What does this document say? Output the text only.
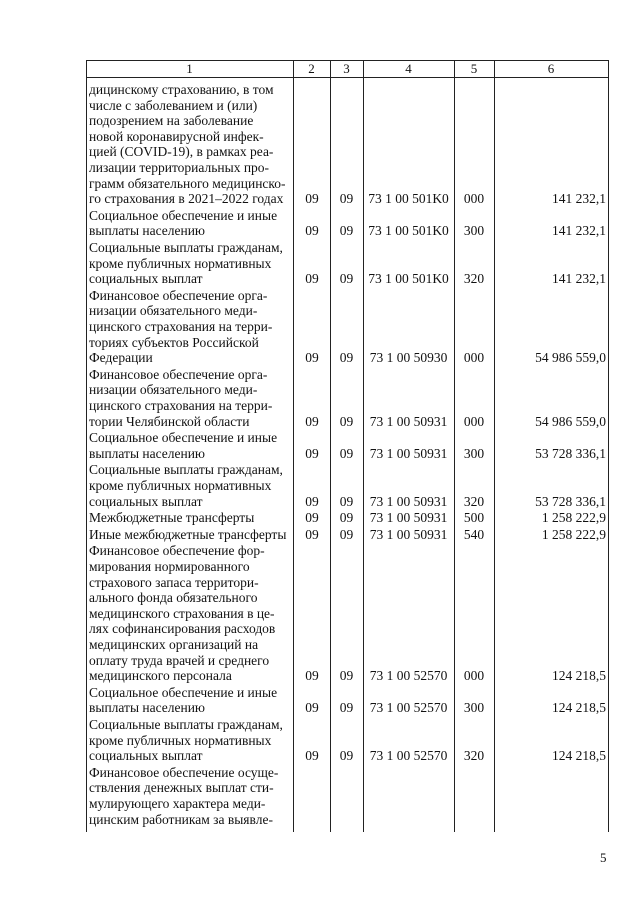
1	2	3	4	5	6
дицинскому страхованию, в том
числе с заболеванием и (или)
подозрением на заболевание
новой коронавирусной инфек-
цией (COVID-19), в рамках реа-
лизации территориальных про-
грамм обязательного медицинско-
го страхования в 2021–2022 годах	09	09	73 1 00 501K0	000	141 232,1
Социальное обеспечение и иные
выплаты населению	09	09	73 1 00 501K0	300	141 232,1
Социальные выплаты гражданам,
кроме публичных нормативных
социальных выплат	09	09	73 1 00 501K0	320	141 232,1
Финансовое обеспечение орга-
низации обязательного меди-
цинского страхования на терри-
ториях субъектов Российской
Федерации	09	09	73 1 00 50930	000	54 986 559,0
Финансовое обеспечение орга-
низации обязательного меди-
цинского страхования на терри-
тории Челябинской области	09	09	73 1 00 50931	000	54 986 559,0
Социальное обеспечение и иные
выплаты населению	09	09	73 1 00 50931	300	53 728 336,1
Социальные выплаты гражданам,
кроме публичных нормативных
социальных выплат	09	09	73 1 00 50931	320	53 728 336,1
Межбюджетные трансферты	09	09	73 1 00 50931	500	1 258 222,9
Иные межбюджетные трансферты	09	09	73 1 00 50931	540	1 258 222,9
Финансовое обеспечение фор-
мирования нормированного
страхового запаса территори-
ального фонда обязательного
медицинского страхования в це-
лях софинансирования расходов
медицинских организаций на
оплату труда врачей и среднего
медицинского персонала	09	09	73 1 00 52570	000	124 218,5
Социальное обеспечение и иные
выплаты населению	09	09	73 1 00 52570	300	124 218,5
Социальные выплаты гражданам,
кроме публичных нормативных
социальных выплат	09	09	73 1 00 52570	320	124 218,5
Финансовое обеспечение осуще-
ствления денежных выплат сти-
мулирующего характера меди-
цинским работникам за выявле-
5
